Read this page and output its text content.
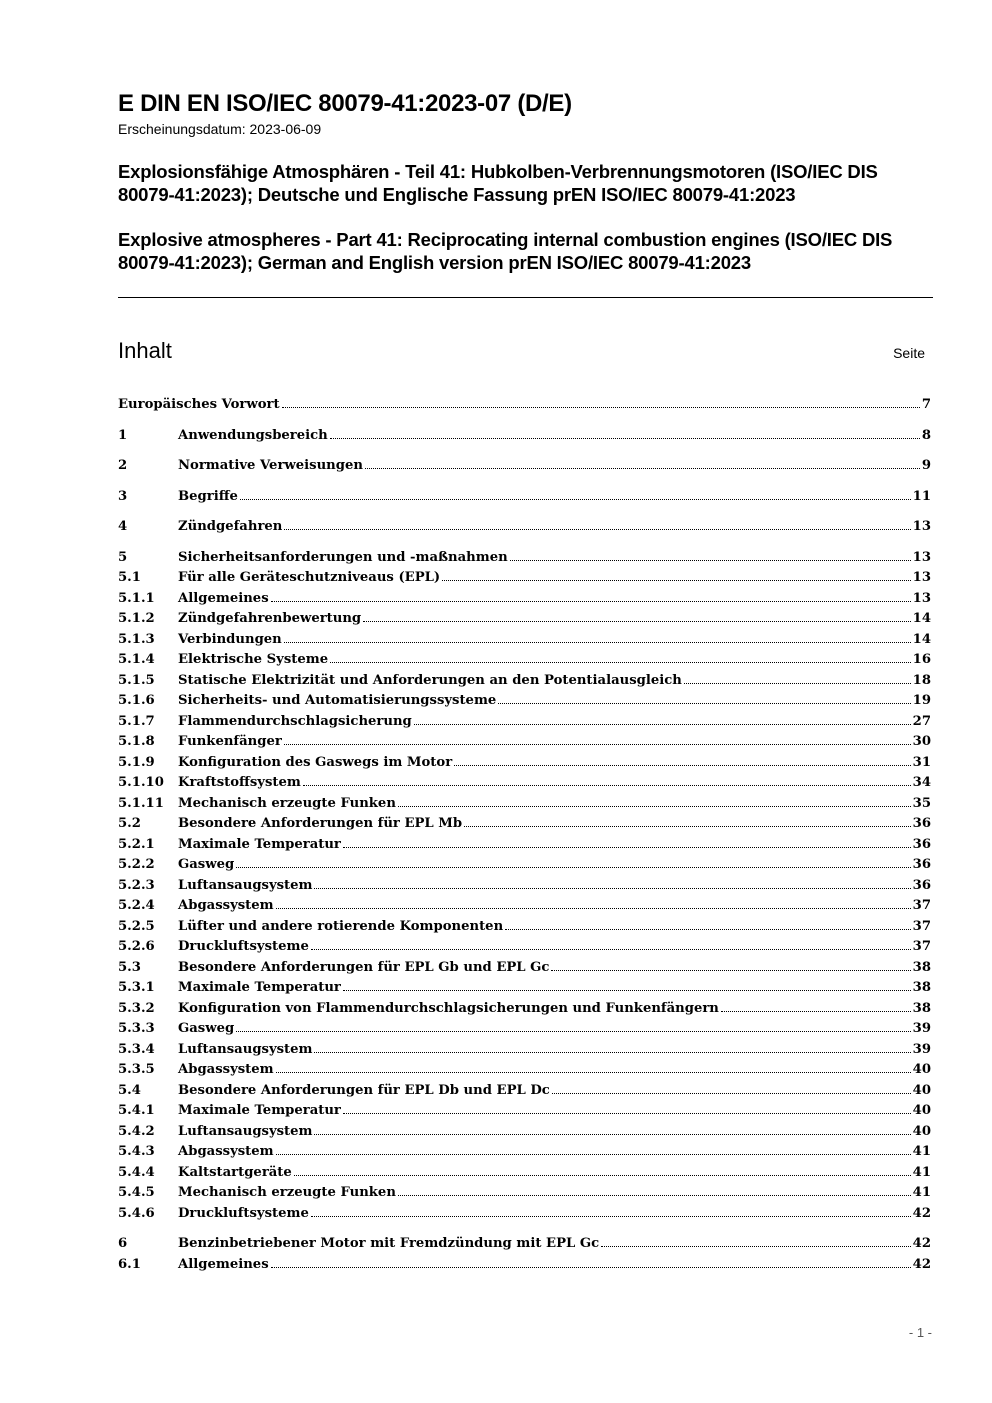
E DIN EN ISO/IEC 80079-41:2023-07 (D/E)
Erscheinungsdatum: 2023-06-09
Explosionsfähige Atmosphären - Teil 41: Hubkolben-Verbrennungsmotoren (ISO/IEC DIS 80079-41:2023); Deutsche und Englische Fassung prEN ISO/IEC 80079-41:2023
Explosive atmospheres - Part 41: Reciprocating internal combustion engines (ISO/IEC DIS 80079-41:2023); German and English version prEN ISO/IEC 80079-41:2023
Inhalt	Seite
Europäisches Vorwort	7
1	Anwendungsbereich	8
2	Normative Verweisungen	9
3	Begriffe	11
4	Zündgefahren	13
5	Sicherheitsanforderungen und -maßnahmen	13
5.1	Für alle Geräteschutzniveaus (EPL)	13
5.1.1	Allgemeines	13
5.1.2	Zündgefahrenbewertung	14
5.1.3	Verbindungen	14
5.1.4	Elektrische Systeme	16
5.1.5	Statische Elektrizität und Anforderungen an den Potentialausgleich	18
5.1.6	Sicherheits- und Automatisierungssysteme	19
5.1.7	Flammendurchschlagsicherung	27
5.1.8	Funkenfänger	30
5.1.9	Konfiguration des Gaswegs im Motor	31
5.1.10	Kraftstoffsystem	34
5.1.11	Mechanisch erzeugte Funken	35
5.2	Besondere Anforderungen für EPL Mb	36
5.2.1	Maximale Temperatur	36
5.2.2	Gasweg	36
5.2.3	Luftansaugsystem	36
5.2.4	Abgassystem	37
5.2.5	Lüfter und andere rotierende Komponenten	37
5.2.6	Druckluftsysteme	37
5.3	Besondere Anforderungen für EPL Gb und EPL Gc	38
5.3.1	Maximale Temperatur	38
5.3.2	Konfiguration von Flammendurchschlagsicherungen und Funkenfängern	38
5.3.3	Gasweg	39
5.3.4	Luftansaugsystem	39
5.3.5	Abgassystem	40
5.4	Besondere Anforderungen für EPL Db und EPL Dc	40
5.4.1	Maximale Temperatur	40
5.4.2	Luftansaugsystem	40
5.4.3	Abgassystem	41
5.4.4	Kaltstartgeräte	41
5.4.5	Mechanisch erzeugte Funken	41
5.4.6	Druckluftsysteme	42
6	Benzinbetriebener Motor mit Fremdzündung mit EPL Gc	42
6.1	Allgemeines	42
- 1 -
